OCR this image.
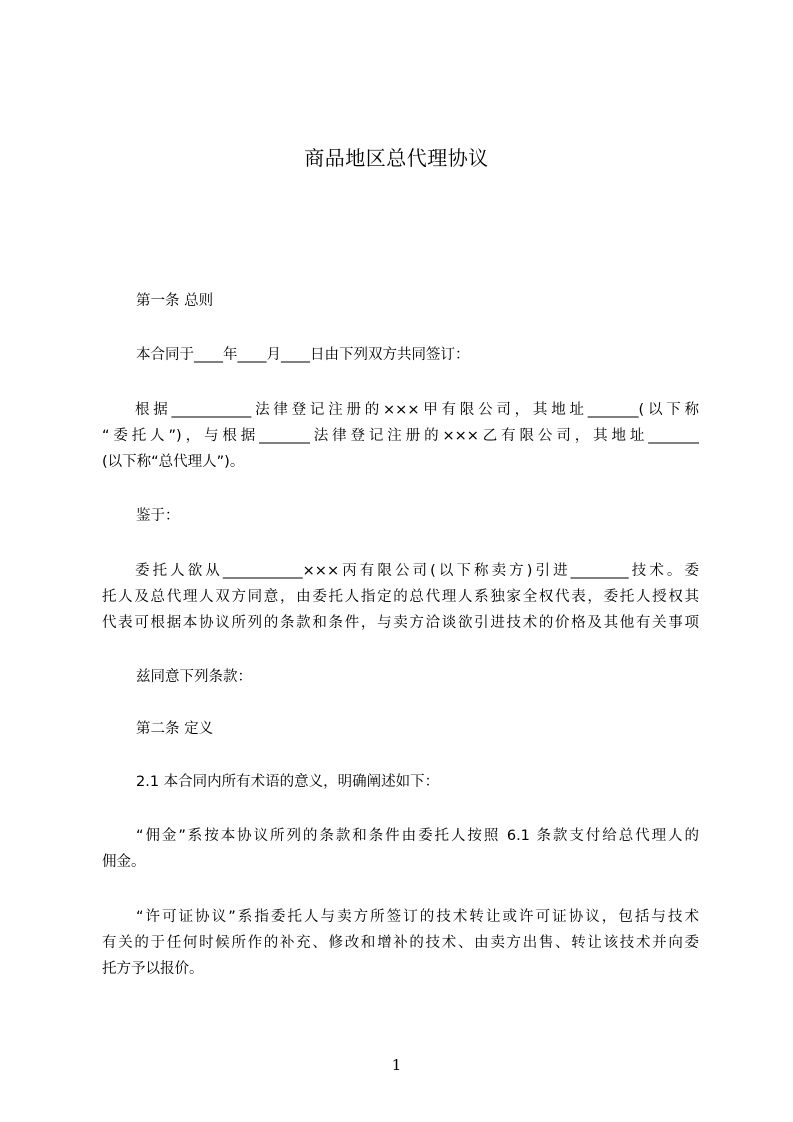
商品地区总代理协议
第一条 总则
本合同于____年____月____日由下列双方共同签订：
根据___________法律登记注册的×××甲有限公司，其地址_______(以下称
“委托人”)，与根据_______法律登记注册的×××乙有限公司，其地址_______
(以下称“总代理人”)。
鉴于：
委托人欲从___________×××丙有限公司(以下称卖方)引进________技术。委
托人及总代理人双方同意，由委托人指定的总代理人系独家全权代表，委托人授权其
代表可根据本协议所列的条款和条件，与卖方洽谈欲引进技术的价格及其他有关事项
兹同意下列条款：
第二条 定义
2.1 本合同内所有术语的意义，明确阐述如下：
“佣金”系按本协议所列的条款和条件由委托人按照 6.1 条款支付给总代理人的
佣金。
“许可证协议”系指委托人与卖方所签订的技术转让或许可证协议，包括与技术
有关的于任何时候所作的补充、修改和增补的技术、由卖方出售、转让该技术并向委
托方予以报价。
1
